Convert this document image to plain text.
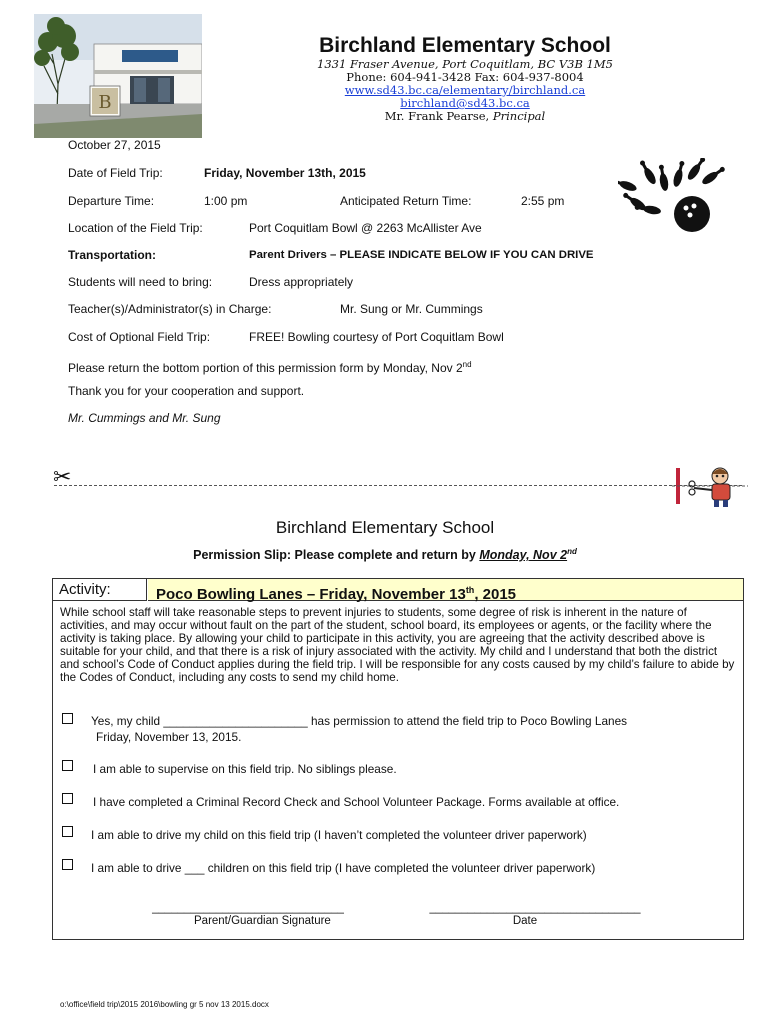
B
Birchland Elementary School
1331 Fraser Avenue, Port Coquitlam, BC V3B 1M5
Phone: 604-941-3428 Fax: 604-937-8004
www.sd43.bc.ca/elementary/birchland.ca
birchland@sd43.bc.ca
Mr. Frank Pearse, Principal
October 27, 2015
Date of Field Trip:	Friday, November 13th, 2015
Departure Time:	1:00 pm	Anticipated Return Time:	2:55 pm
Location of the Field Trip:	Port Coquitlam Bowl @ 2263 McAllister Ave
Transportation:	Parent Drivers – PLEASE INDICATE BELOW IF YOU CAN DRIVE
Students will need to bring:	Dress appropriately
Teacher(s)/Administrator(s) in Charge:	Mr. Sung or Mr. Cummings
Cost of Optional Field Trip:	FREE! Bowling courtesy of Port Coquitlam Bowl
Please return the bottom portion of this permission form by Monday, Nov 2nd
Thank you for your cooperation and support.
Mr. Cummings and Mr. Sung
✂
Birchland Elementary School
Permission Slip: Please complete and return by Monday, Nov 2nd
Activity:	Poco Bowling Lanes – Friday, November 13th, 2015
While school staff will take reasonable steps to prevent injuries to students, some degree of risk is inherent in the nature of activities, and may occur without fault on the part of the student, school board, its employees or agents, or the facility where the activity is taking place. By allowing your child to participate in this activity, you are agreeing that the activity described above is suitable for your child, and that there is a risk of injury associated with the activity. My child and I understand that both the district and school’s Code of Conduct applies during the field trip. I will be responsible for any costs caused by my child’s failure to abide by the Codes of Conduct, including any costs to send my child home.
Yes, my child ______________________ has permission to attend the field trip to Poco Bowling Lanes
Friday, November 13, 2015.
I am able to supervise on this field trip. No siblings please.
I have completed a Criminal Record Check and School Volunteer Package. Forms available at office.
I am able to drive my child on this field trip (I haven’t completed the volunteer driver paperwork)
I am able to drive ___ children on this field trip (I have completed the volunteer driver paperwork)
______________________________
Parent/Guardian Signature
_________________________________
Date
o:\office\field trip\2015 2016\bowling gr 5 nov 13 2015.docx
